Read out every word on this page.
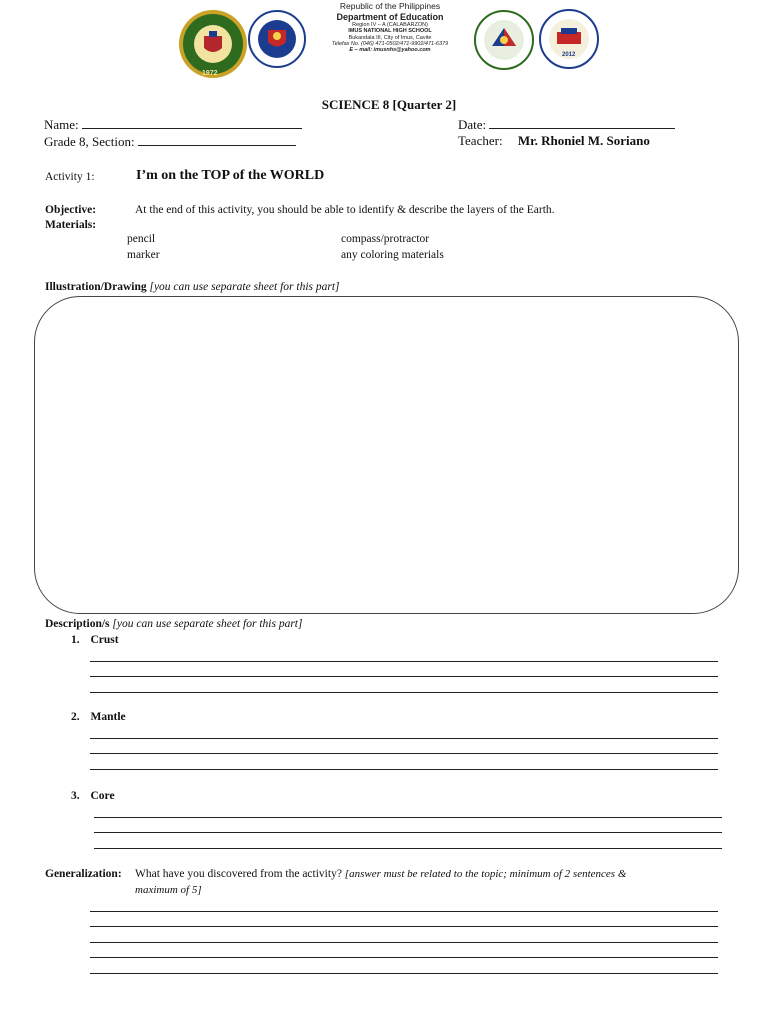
1972
Republic of the Philippines
Department of Education
Region IV – A (CALABARZON)
IMUS NATIONAL HIGH SCHOOL
Bukandala III, City of Imus, Cavite
Telefax No. (046) 471-0502/471-9902/471-6379
E – mail: imusnhs@yahoo.com
2012
SCIENCE 8 [Quarter 2]
Name:
Grade 8, Section:
Date:
Teacher: Mr. Rhoniel M. Soriano
Activity 1:	I’m on the TOP of the WORLD
Objective:	At the end of this activity, you should be able to identify & describe the layers of the Earth.
Materials:
pencil	compass/protractor
marker	any coloring materials
Illustration/Drawing [you can use separate sheet for this part]
Description/s [you can use separate sheet for this part]
1. Crust
2. Mantle
3. Core
Generalization: What have you discovered from the activity? [answer must be related to the topic; minimum of 2 sentences &
maximum of 5]
